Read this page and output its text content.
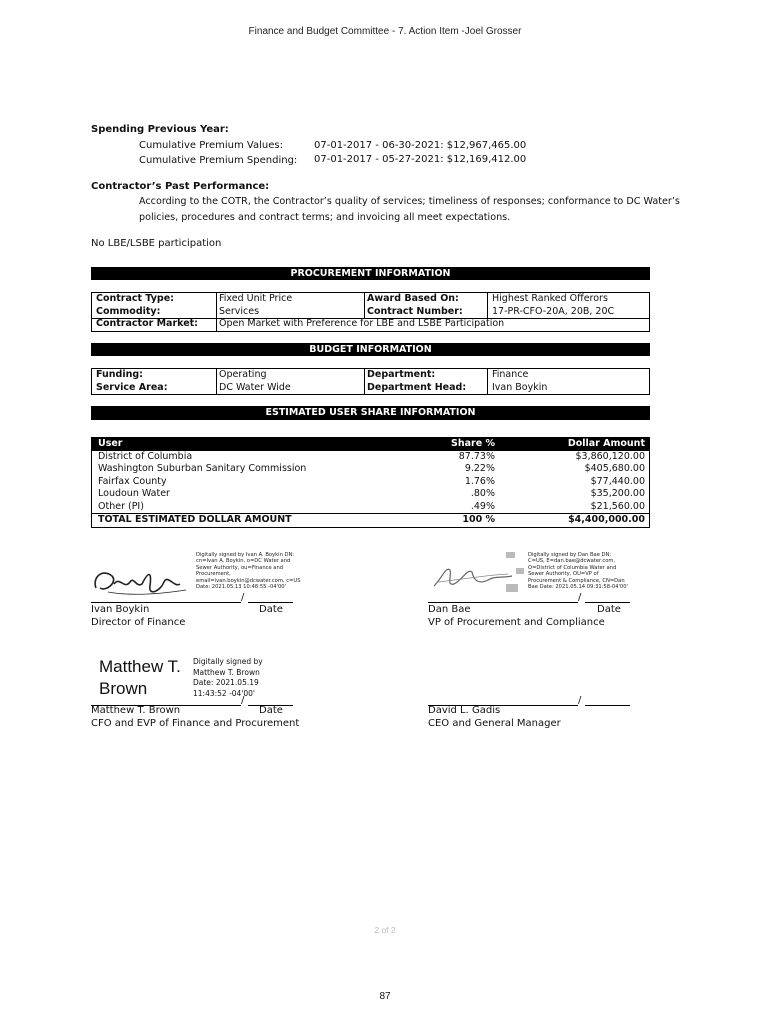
Finance and Budget Committee - 7. Action Item -Joel Grosser
Spending Previous Year:
Cumulative Premium Values:	07-01-2017 - 06-30-2021: $12,967,465.00
Cumulative Premium Spending: 07-01-2017 - 05-27-2021: $12,169,412.00
Contractor’s Past Performance:
According to the COTR, the Contractor’s quality of services; timeliness of responses; conformance to DC Water’s
policies, procedures and contract terms; and invoicing all meet expectations.
No LBE/LSBE participation
PROCUREMENT INFORMATION
Contract Type:	Fixed Unit Price	Award Based On:	Highest Ranked Offerors
Commodity:	Services	Contract Number:	17-PR-CFO-20A, 20B, 20C
Contractor Market: Open Market with Preference for LBE and LSBE Participation
BUDGET INFORMATION
Funding:	Operating	Department:	Finance
Service Area:	DC Water Wide	Department Head:	Ivan Boykin
ESTIMATED USER SHARE INFORMATION
User	Share %	Dollar Amount
District of Columbia	87.73%	$3,860,120.00
Washington Suburban Sanitary Commission	9.22%	$405,680.00
Fairfax County	1.76%	$77,440.00
Loudoun Water	.80%	$35,200.00
Other (PI)	.49%	$21,560.00
TOTAL ESTIMATED DOLLAR AMOUNT	100 %	$4,400,000.00
Digitally signed by Ivan A. Boykin DN: cn=Ivan A. Boykin, o=DC Water and Sewer Authority, ou=Finance and Procurement, email=ivan.boykin@dcwater.com, c=US Date: 2021.05.13 10:48:55 -04'00'
/
Ivan Boykin	Date
Director of Finance
Digitally signed by Dan Bae DN: C=US, E=dan.bae@dcwater.com, O=District of Columbia Water and Sewer Authority, OU=VP of Procurement & Compliance, CN=Dan Bae Date: 2021.05.14 09:31:58-04'00'
/
Dan Bae	Date
VP of Procurement and Compliance
Matthew T.
Brown
Digitally signed by
Matthew T. Brown
Date: 2021.05.19
11:43:52 -04'00'
/
Matthew T. Brown	Date
CFO and EVP of Finance and Procurement
/
David L. Gadis
CEO and General Manager
2 of 2
87
